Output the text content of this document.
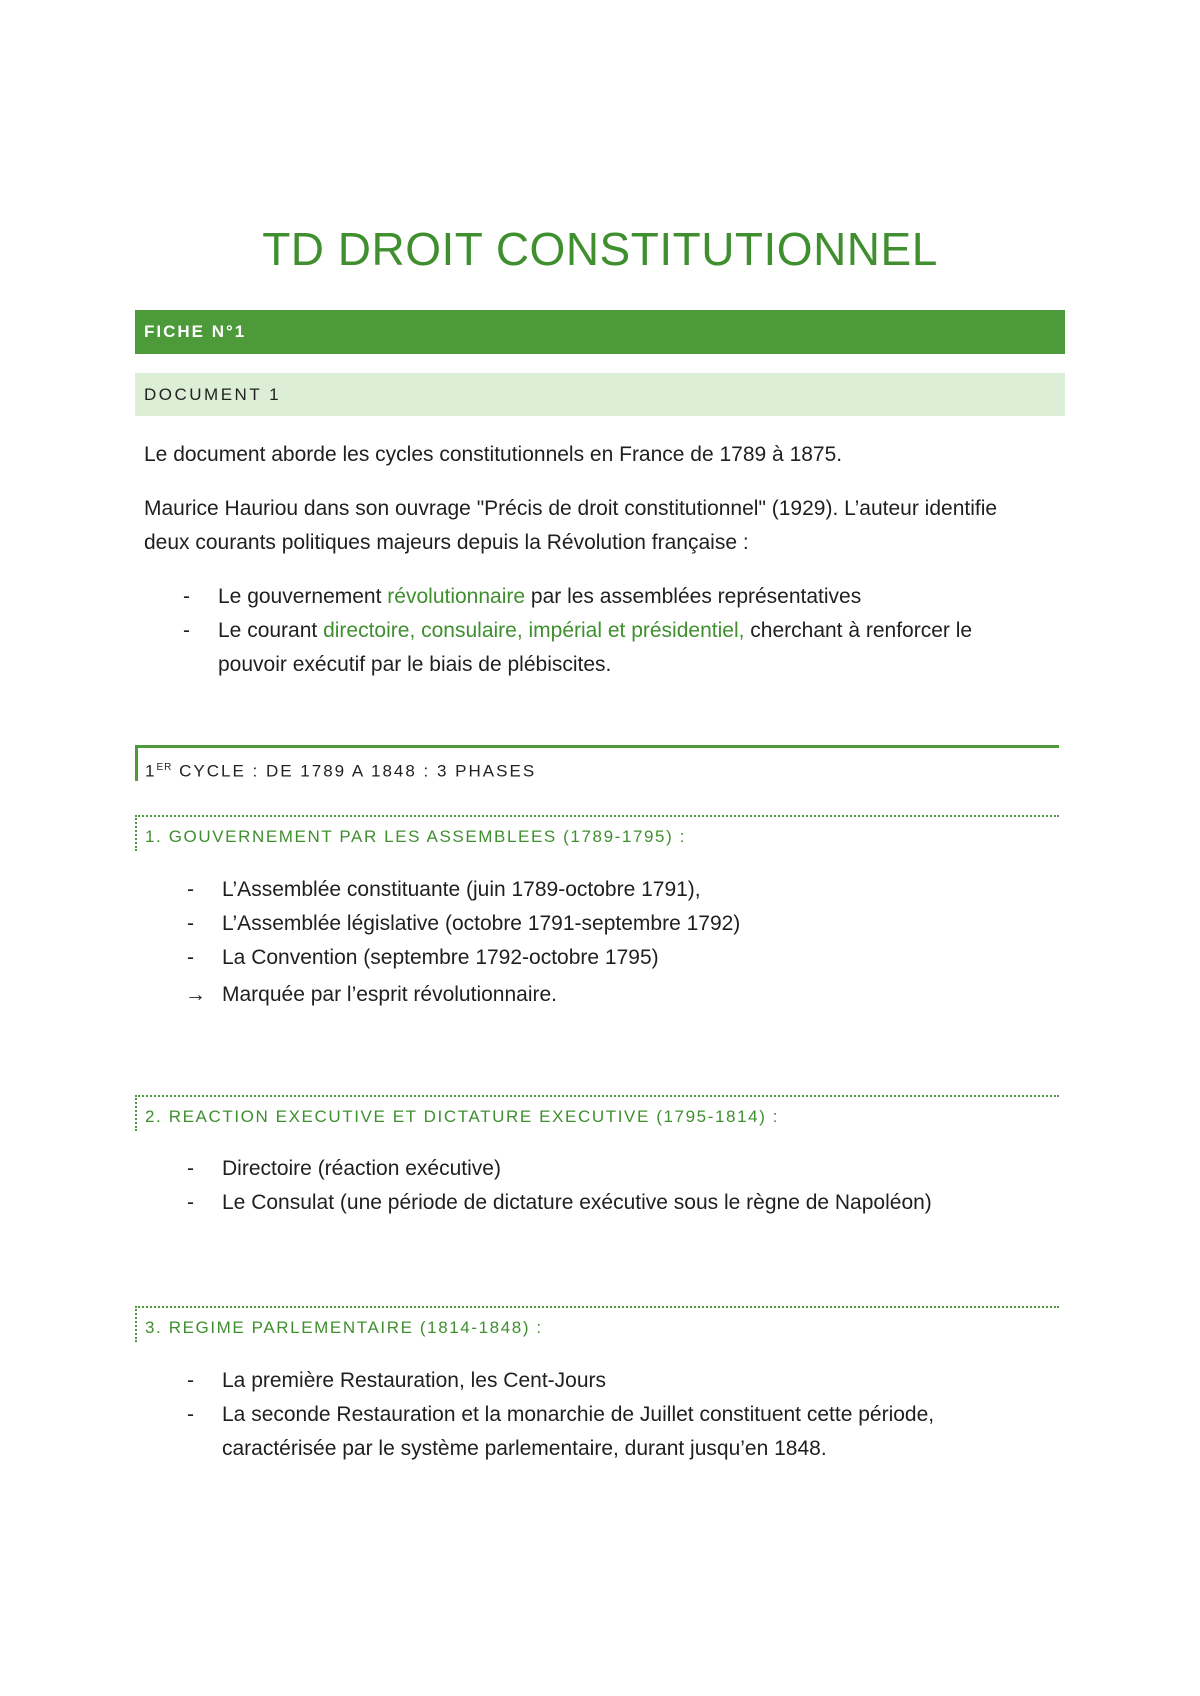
TD DROIT CONSTITUTIONNEL
FICHE N°1
DOCUMENT 1

Le document aborde les cycles constitutionnels en France de 1789 à 1875.

Maurice Hauriou dans son ouvrage "Précis de droit constitutionnel" (1929). L’auteur identifie

deux courants politiques majeurs depuis la Révolution française :

- Le gouvernement révolutionnaire par les assemblées représentatives
- Le courant directoire, consulaire, impérial et présidentiel, cherchant à renforcer le
pouvoir exécutif par le biais de plébiscites.
1ER CYCLE : DE 1789 A 1848 : 3 PHASES
1. GOUVERNEMENT PAR LES ASSEMBLEES (1789-1795) :
- L’Assemblée constituante (juin 1789-octobre 1791),
- L’Assemblée législative (octobre 1791-septembre 1792)
- La Convention (septembre 1792-octobre 1795)
→ Marquée par l’esprit révolutionnaire.
2. REACTION EXECUTIVE ET DICTATURE EXECUTIVE (1795-1814) :
- Directoire (réaction exécutive)
- Le Consulat (une période de dictature exécutive sous le règne de Napoléon)
3. REGIME PARLEMENTAIRE (1814-1848) :
- La première Restauration, les Cent-Jours
- La seconde Restauration et la monarchie de Juillet constituent cette période,
caractérisée par le système parlementaire, durant jusqu’en 1848.
